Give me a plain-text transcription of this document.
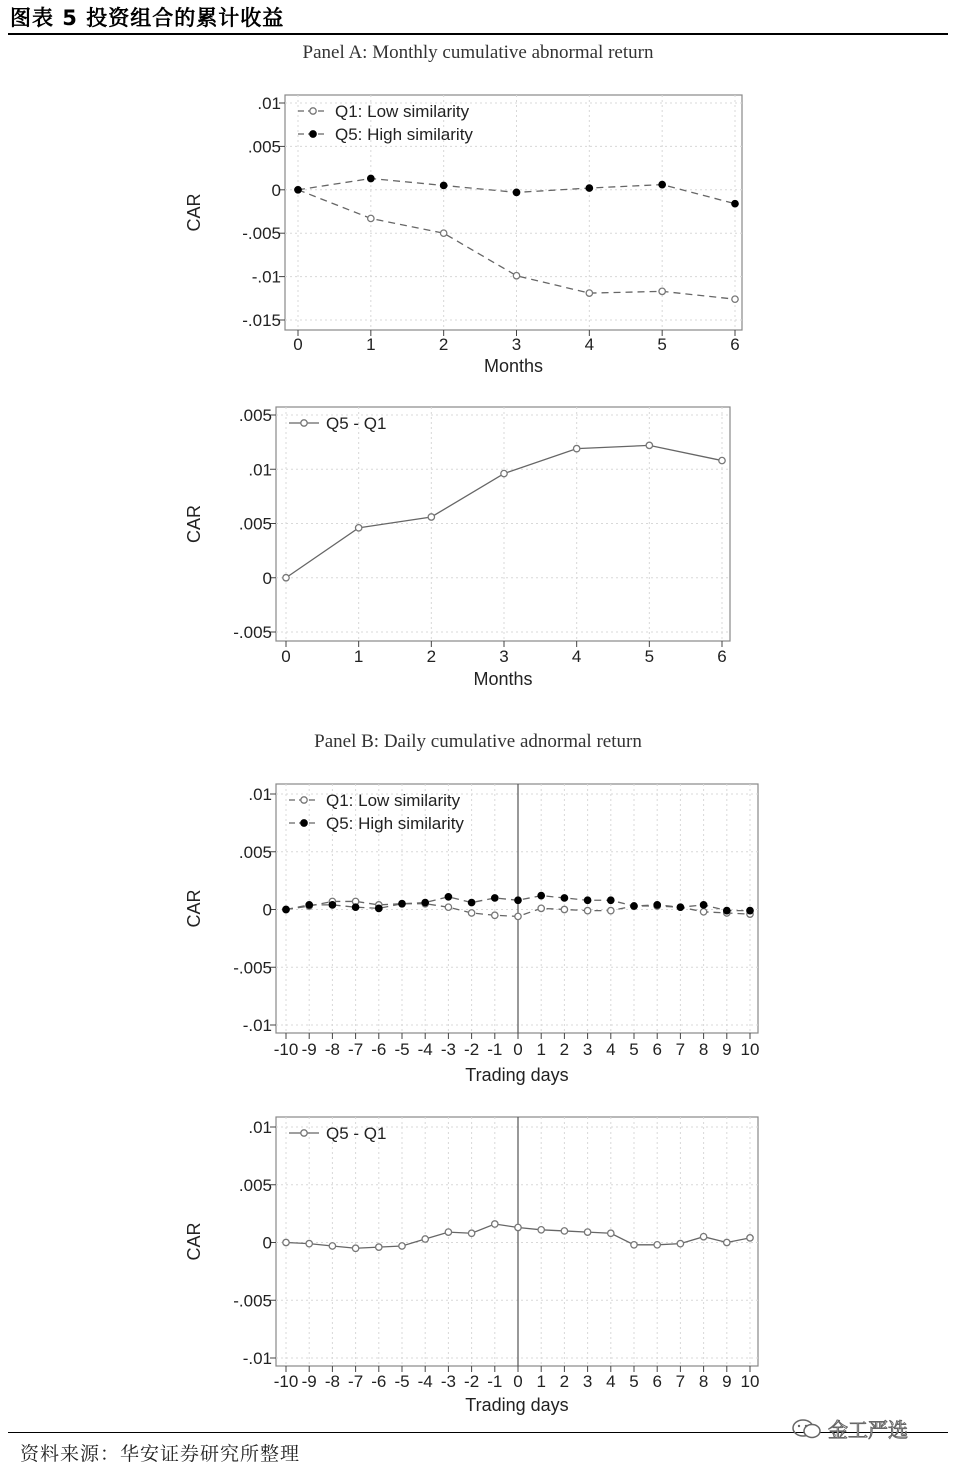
图表 5 投资组合的累计收益
Panel A: Monthly cumulative abnormal return
.01
.005
0
-.005
-.01
-.015
0	1	2	3	4	5	6
Months
CAR
Q1: Low similarity
Q5: High similarity
.005
.01
.005
0
-.005
0	1	2	3	4	5	6
Months
CAR
Q5 - Q1
.01
.005
0
-.005
-.01
-10 -9 -8 -7 -6 -5 -4 -3 -2 -1 0 1 2 3 4 5 6 7 8 9 10
Trading days
CAR
Q1: Low similarity
Q5: High similarity
.01
.005
0
-.005
-.01
-10 -9 -8 -7 -6 -5 -4 -3 -2 -1 0 1 2 3 4 5 6 7 8 9 10
Trading days
CAR
Q5 - Q1
Panel B: Daily cumulative adnormal return
资料来源：华安证券研究所整理
金工严选
